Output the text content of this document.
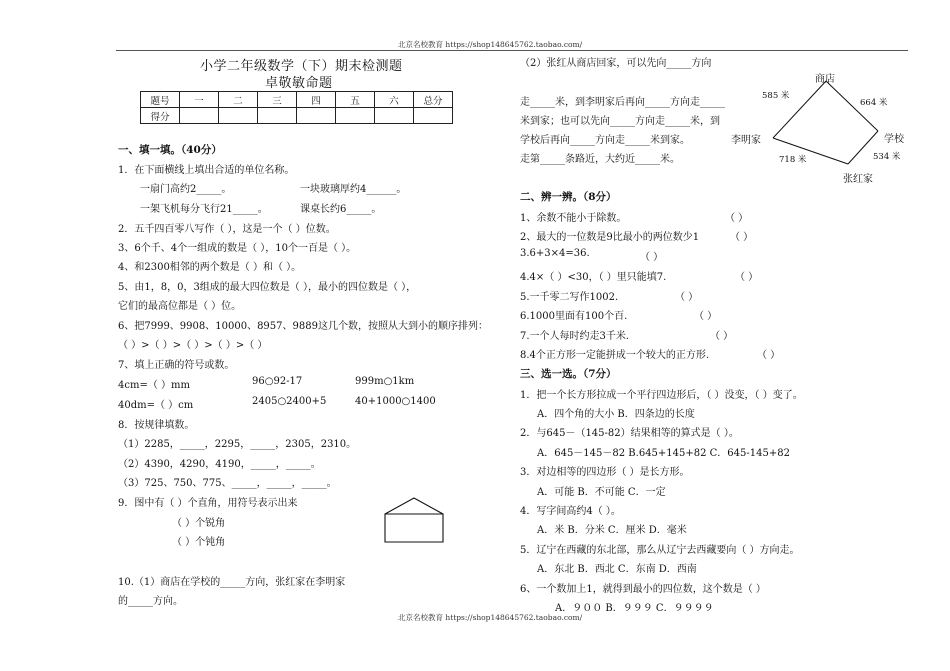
北京名校教育 https://shop148645762.taobao.com/
北京名校教育 https://shop148645762.taobao.com/
小学二年级数学（下）期末检测题
卓敬敏命题
题号	一	二	三	四	五	六	总分
得分							
一、填一填。（40分）
1．在下面横线上填出合适的单位名称。
一扇门高约2_____。	一块玻璃厚约4______。
一架飞机每分飞行21_____。	课桌长约6_____。
2．五千四百零八写作（ ），这是一个（ ）位数。
3、6个千、4个一组成的数是（ ），10个一百是（ ）。
4、和2300相邻的两个数是（ ）和（ ）。
5、由1，8，0，3组成的最大四位数是（ ），最小的四位数是（ ），
它们的最高位都是（ ）位。
6、把7999、9908、10000、8957、9889这几个数，按照从大到小的顺序排列：
（ ）>（ ）>（ ）>（ ）>（ ）
7、填上正确的符号或数。
4cm=（ ）mm	96○92-17	999m○1km
40dm=（ ）cm	2405○2400+5	40+1000○1400
8．按规律填数。
（1）2285，_____，2295，_____，2305，2310。
（2）4390，4290，4190，_____，_____。
（3）725、750、775、_____，_____，_____。
9．图中有（ ）个直角，用符号表示出来
（ ）个锐角
（ ）个钝角
10.（1）商店在学校的_____方向，张红家在李明家
的_____方向。
（2）张红从商店回家，可以先向_____方向
走_____米，到李明家后再向_____方向走_____
米到家；也可以先向_____方向走_____米，到
学校后再向_____方向走_____米到家。
走第_____条路近，大约近_____米。
商店
学校
李明家
张红家
585 米
664 米
718 米	534 米
二、辨一辨。（8分）
1、余数不能小于除数。	（ ）
2、最大的一位数是9比最小的两位数少1	（ ）
3.6+3×4=36.	（ ）
4.4×（ ）<30，（ ）里只能填7.	（ ）
5.一千零二写作1002.	（ ）
6.1000里面有100个百.	（ ）
7.一个人每时约走3千米.	（ ）
8.4个正方形一定能拼成一个较大的正方形.	（ ）
三、选一选。（7分）
1．把一个长方形拉成一个平行四边形后，（ ）没变，（ ）变了。
A．四个角的大小 B．四条边的长度
2．与645－（145-82）结果相等的算式是（ ）。
A．645－145－82 B.645+145+82 C．645-145+82
3．对边相等的四边形（ ）是长方形。
A．可能 B．不可能 C．一定
4．写字间高约4（ ）。
A．米 B．分米 C．厘米 D．毫米
5．辽宁在西藏的东北部，那么从辽宁去西藏要向（ ）方向走。
A．东北 B．西北 C．东南 D．西南
6、一个数加上1，就得到最小的四位数，这个数是（ ）
A．９００ B．９９９ C．９９９９
